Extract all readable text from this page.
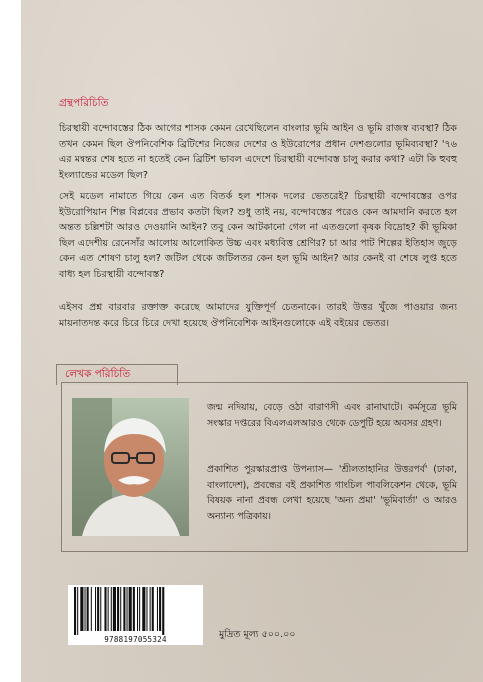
গ্রন্থপরিচিতি

চিরস্থায়ী বন্দোবস্তের ঠিক আগের শাসক কেমন রেখেছিলেন বাংলার ভূমি আইন ও ভূমি রাজস্ব ব্যবস্থা? ঠিক তখন কেমন ছিল ঔপনিবেশিক ব্রিটিশের নিজের দেশের ও ইউরোপের প্রধান দেশগুলোর ভূমিব্যবস্থা? '৭৬ এর মন্বন্তর শেষ হতে না হতেই কেন ব্রিটিশ ভাবল এদেশে চিরস্থায়ী বন্দোবস্ত চালু করার কথা? এটা কি হুবহু ইংল্যান্ডের মডেল ছিল?

সেই মডেল নামাতে গিয়ে কেন এত বিতর্ক হল শাসক দলের ভেতরেই? চিরস্থায়ী বন্দোবস্তের ওপর ইউরোপিয়ান শিল্প বিপ্লবের প্রভাব কতটা ছিল? শুধু তাই নয়, বন্দোবস্তের পরেও কেন আমদানি করতে হল অন্তত চল্লিশটা আরও দেওয়ানি আইন? তবু কেন আটকানো গেল না এতগুলো কৃষক বিদ্রোহ? কী ভূমিকা ছিল এদেশীয় রেনেসাঁর আলোয় আলোকিত উচ্চ এবং মধ্যবিত্ত শ্রেণির? চা আর পাট শিল্পের ইতিহাস জুড়ে কেন এত শোষণ চালু হল? জটিল থেকে জটিলতর কেন হল ভূমি আইন? আর কেনই বা শেষে লুপ্ত হতে বাধ্য হল চিরস্থায়ী বন্দোবস্ত?

এইসব প্রশ্ন বারবার রক্তাক্ত করেছে আমাদের যুক্তিপূর্ণ চেতনাকে। তারই উত্তর খুঁজে পাওয়ার জন্য মায়নাতদন্ত করে চিরে চিরে দেখা হয়েছে ঔপনিবেশিক আইনগুলোকে এই বইয়ের ভেতর।

লেখক পরিচিতি

জন্ম নদিয়ায়, বেড়ে ওঠা বারাণসী এবং রানাঘাটে। কর্মসূত্রে ভূমি সংস্কার দপ্তরের বিএলএলআরও থেকে ডেপুটি হয়ে অবসর গ্রহণ।

প্রকাশিত পুরস্কারপ্রাপ্ত উপন্যাস— 'শ্রীলতাহানির উত্তরপর্ব' (ঢাকা, বাংলাদেশ), প্রবন্ধের বই প্রকাশিত গাংচিল পাবলিকেশন থেকে, ভূমি বিষয়ক নানা প্রবন্ধ লেখা হয়েছে 'অন্য প্রমা' 'ভূমিবার্তা' ও আরও অন্যান্য পত্রিকায়।

9788197055324	মুদ্রিত মূল্য ৫০০.০০
